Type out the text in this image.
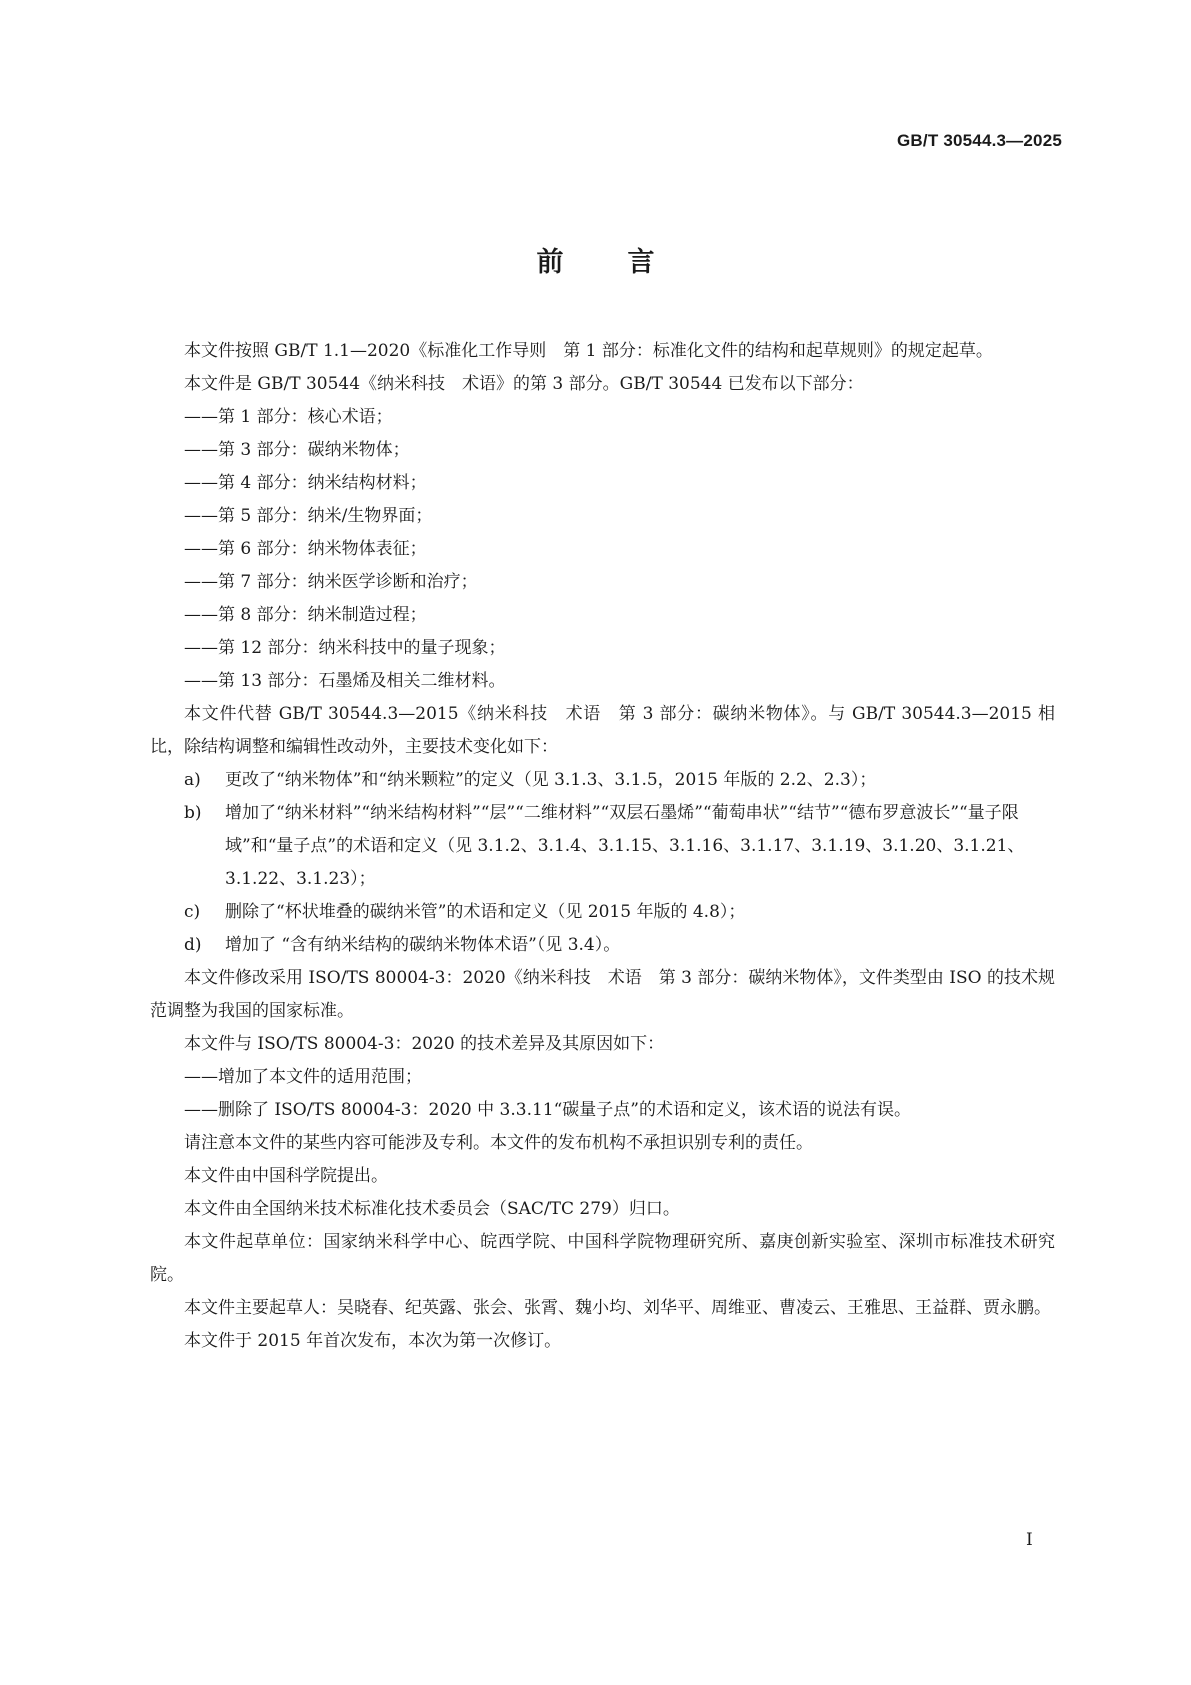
GB/T 30544.3—2025
前 言

本文件按照 GB/T 1.1—2020《标准化工作导则　第 1 部分：标准化文件的结构和起草规则》的规定起草。

本文件是 GB/T 30544《纳米科技　术语》的第 3 部分。GB/T 30544 已发布以下部分：

——第 1 部分：核心术语；

——第 3 部分：碳纳米物体；

——第 4 部分：纳米结构材料；

——第 5 部分：纳米/生物界面；

——第 6 部分：纳米物体表征；

——第 7 部分：纳米医学诊断和治疗；

——第 8 部分：纳米制造过程；

——第 12 部分：纳米科技中的量子现象；

——第 13 部分：石墨烯及相关二维材料。

本文件代替 GB/T 30544.3—2015《纳米科技　术语　第 3 部分：碳纳米物体》。与 GB/T 30544.3—2015 相比，除结构调整和编辑性改动外，主要技术变化如下：

a) 更改了“纳米物体”和“纳米颗粒”的定义（见 3.1.3、3.1.5，2015 年版的 2.2、2.3）；
b) 增加了“纳米材料”“纳米结构材料”“层”“二维材料”“双层石墨烯”“葡萄串状”“结节”“德布罗意波长”“量子限域”和“量子点”的术语和定义（见 3.1.2、3.1.4、3.1.15、3.1.16、3.1.17、3.1.19、3.1.20、3.1.21、3.1.22、3.1.23）；
c) 删除了“杯状堆叠的碳纳米管”的术语和定义（见 2015 年版的 4.8）；
d) 增加了 “含有纳米结构的碳纳米物体术语”（见 3.4）。

本文件修改采用 ISO/TS 80004-3：2020《纳米科技　术语　第 3 部分：碳纳米物体》，文件类型由 ISO 的技术规范调整为我国的国家标准。

本文件与 ISO/TS 80004-3：2020 的技术差异及其原因如下：

——增加了本文件的适用范围；

——删除了 ISO/TS 80004-3：2020 中 3.3.11“碳量子点”的术语和定义，该术语的说法有误。

请注意本文件的某些内容可能涉及专利。本文件的发布机构不承担识别专利的责任。

本文件由中国科学院提出。

本文件由全国纳米技术标准化技术委员会（SAC/TC 279）归口。

本文件起草单位：国家纳米科学中心、皖西学院、中国科学院物理研究所、嘉庚创新实验室、深圳市标准技术研究院。

本文件主要起草人：吴晓春、纪英露、张会、张霄、魏小均、刘华平、周维亚、曹凌云、王雅思、王益群、贾永鹏。

本文件于 2015 年首次发布，本次为第一次修订。

I
